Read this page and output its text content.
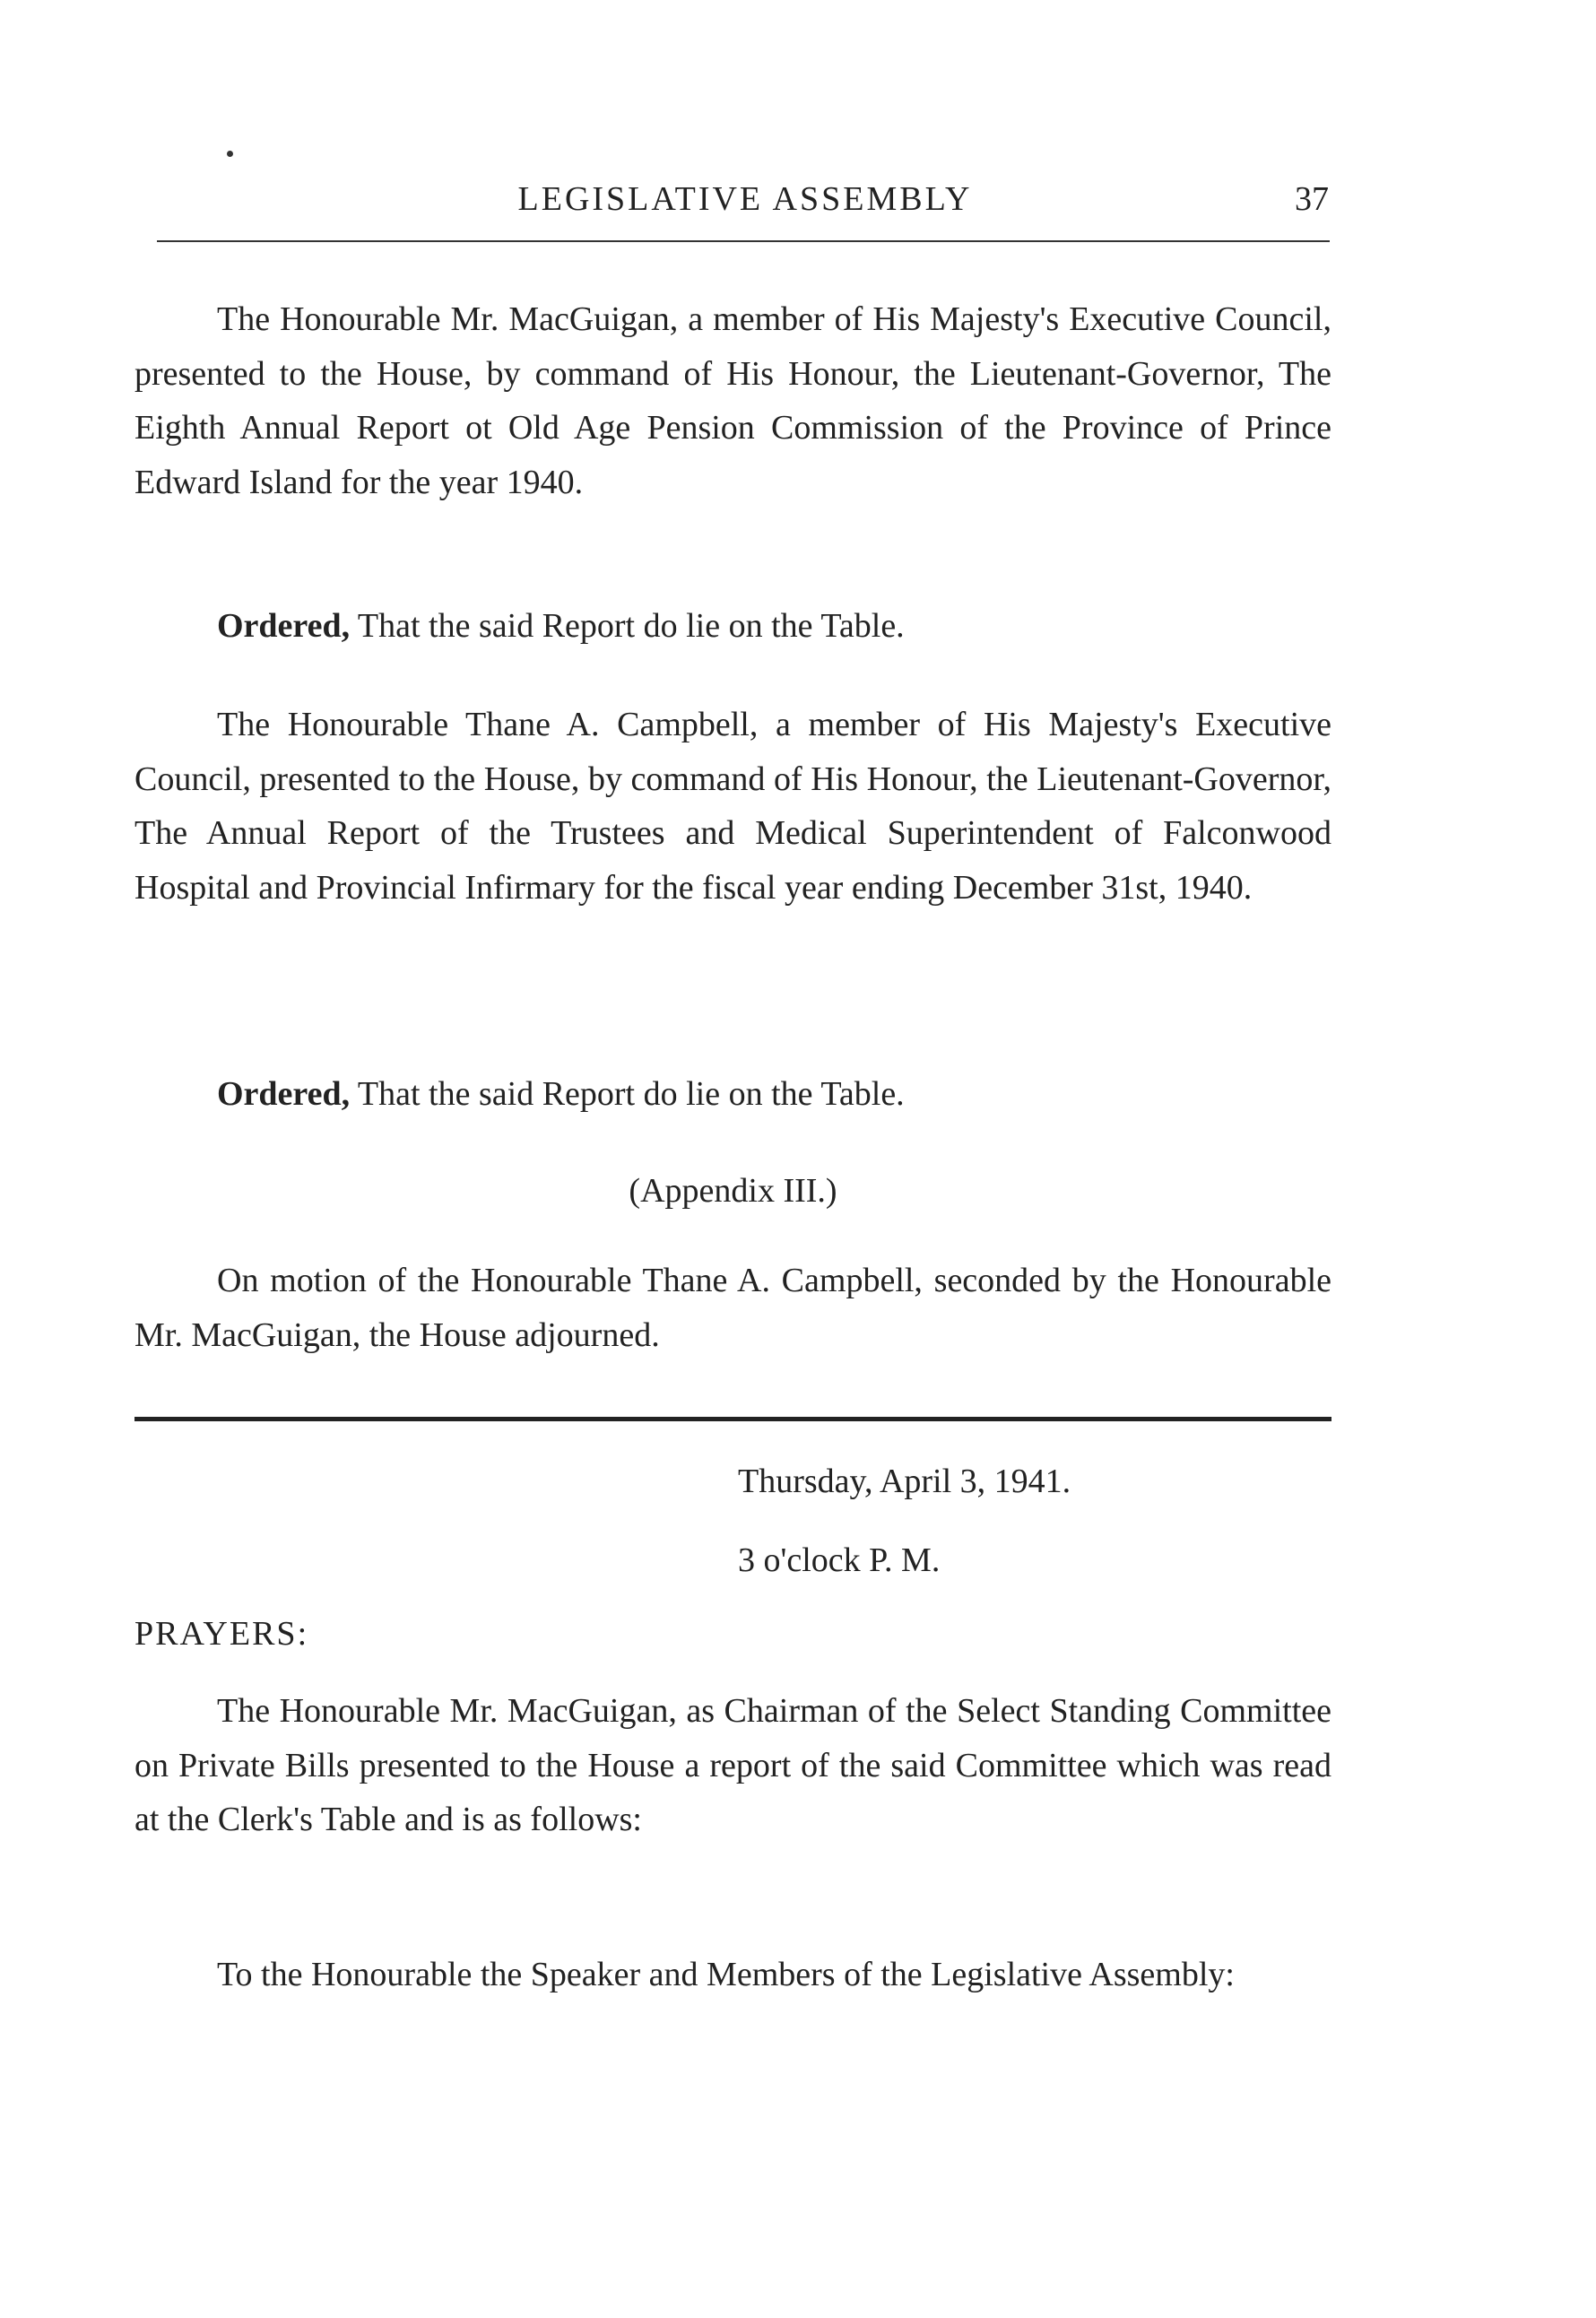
LEGISLATIVE ASSEMBLY	37

The Honourable Mr. MacGuigan, a member of His Majesty's Executive Council, presented to the House, by command of His Honour, the Lieutenant-Governor, The Eighth Annual Report ot Old Age Pension Commission of the Province of Prince Edward Island for the year 1940.

Ordered, That the said Report do lie on the Table.

The Honourable Thane A. Campbell, a member of His Majesty's Executive Council, presented to the House, by command of His Honour, the Lieutenant-Governor, The Annual Report of the Trustees and Medical Superintendent of Falconwood Hospital and Provincial Infirmary for the fiscal year ending December 31st, 1940.

Ordered, That the said Report do lie on the Table.

(Appendix III.)

On motion of the Honourable Thane A. Campbell, seconded by the Honourable Mr. MacGuigan, the House adjourned.

Thursday, April 3, 1941.

3 o'clock P. M.

PRAYERS:

The Honourable Mr. MacGuigan, as Chairman of the Select Standing Committee on Private Bills presented to the House a report of the said Committee which was read at the Clerk's Table and is as follows:

To the Honourable the Speaker and Members of the Legislative Assembly:
